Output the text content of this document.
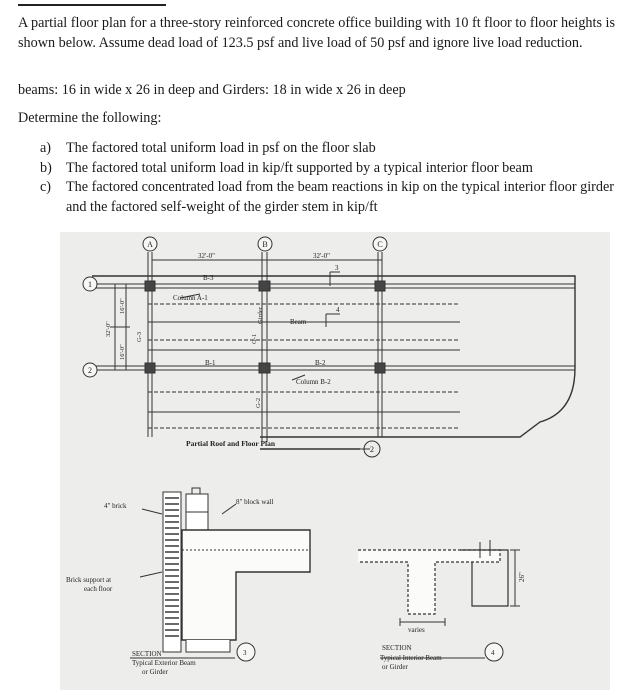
A partial floor plan for a three-story reinforced concrete office building with 10 ft floor to floor heights is shown below. Assume dead load of 123.5 psf and live load of 50 psf and ignore live load reduction.

beams: 16 in wide x 26 in deep and Girders: 18 in wide x 26 in deep

Determine the following:

a) The factored total uniform load in psf on the floor slab
b) The factored total uniform load in kip/ft supported by a typical interior floor beam
c) The factored concentrated load from the beam reactions in kip on the typical interior floor girder and the factored self-weight of the girder stem in kip/ft
A	B	C
1
2
2
32'-0"	32'-0"
B-3
Column A-1
Beam
B-1	B-2
Column B-2
3
4
Partial Roof and Floor Plan
16'-0"
16'-0"
32'-0"	G-3
Girder
G-1
G-2
4" brick	8" block wall
Brick support at
each floor
SECTION
Typical Exterior Beam
or Girder
3
varies
26"
SECTION
Typical Interior Beam
or Girder
4
